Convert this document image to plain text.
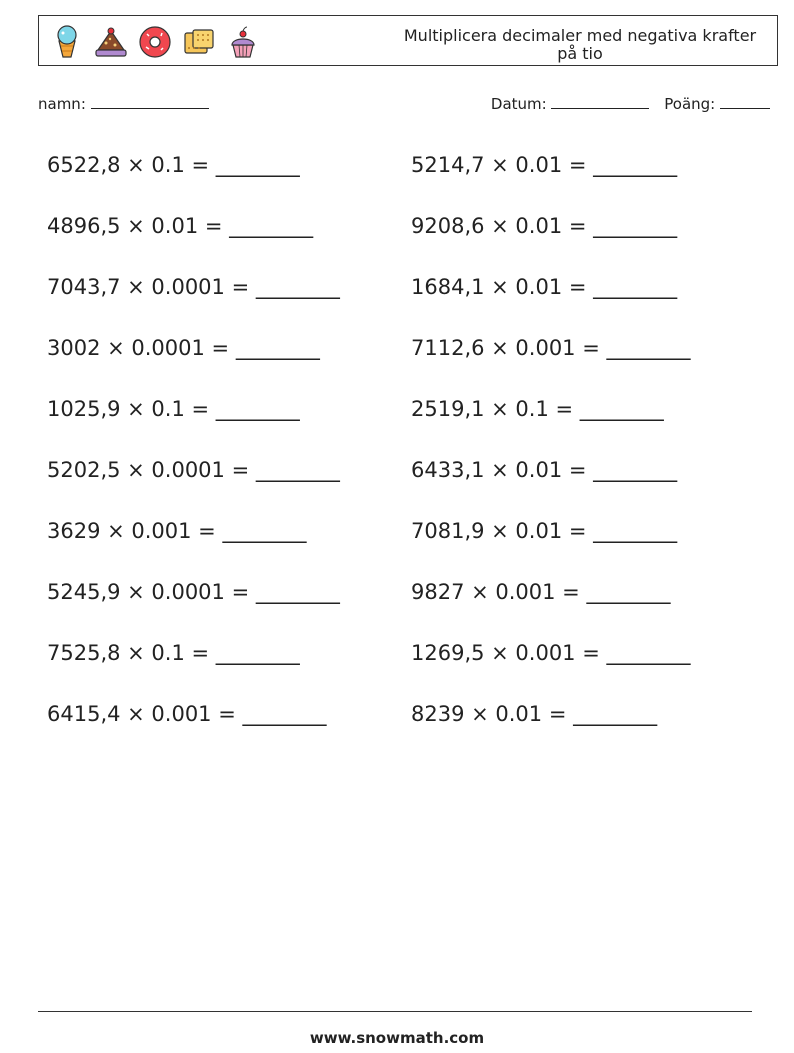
Multiplicera decimaler med negativa krafter på tio
namn:	Datum:	Poäng:
6522,8 × 0.1 = ________
4896,5 × 0.01 = ________
7043,7 × 0.0001 = ________
3002 × 0.0001 = ________
1025,9 × 0.1 = ________
5202,5 × 0.0001 = ________
3629 × 0.001 = ________
5245,9 × 0.0001 = ________
7525,8 × 0.1 = ________
6415,4 × 0.001 = ________
5214,7 × 0.01 = ________
9208,6 × 0.01 = ________
1684,1 × 0.01 = ________
7112,6 × 0.001 = ________
2519,1 × 0.1 = ________
6433,1 × 0.01 = ________
7081,9 × 0.01 = ________
9827 × 0.001 = ________
1269,5 × 0.001 = ________
8239 × 0.01 = ________
www.snowmath.com
